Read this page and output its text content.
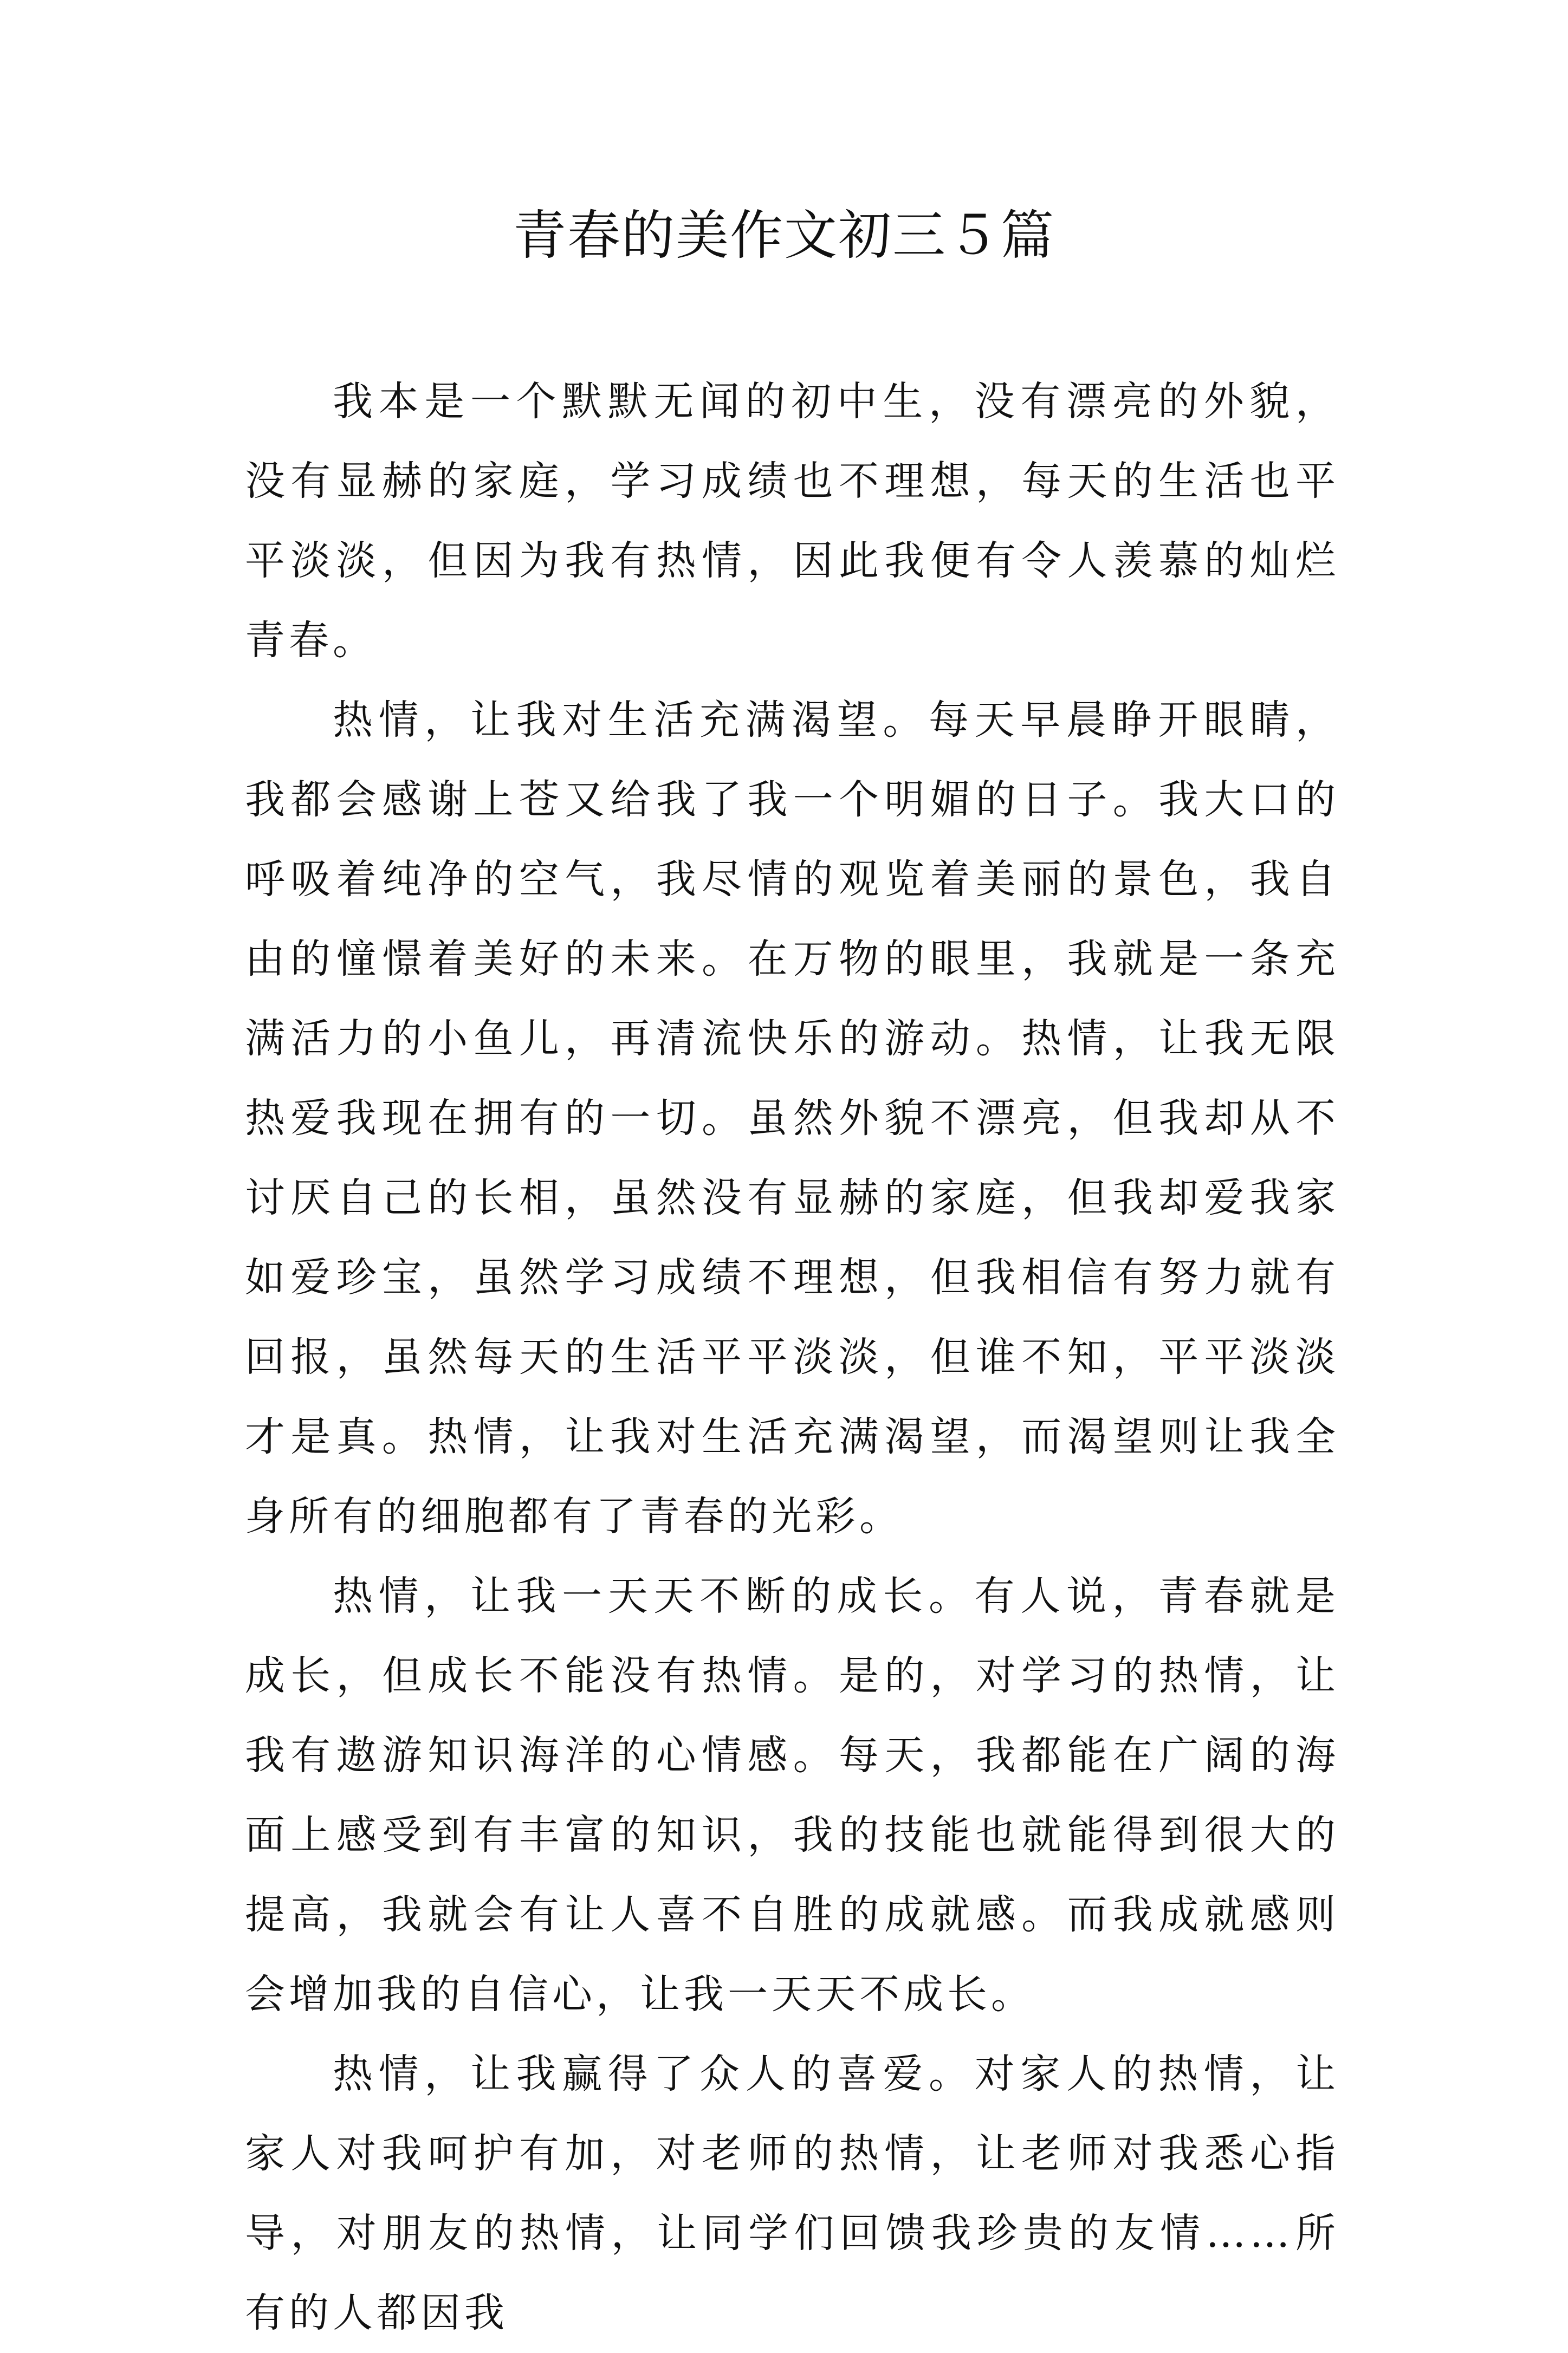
青春的美作文初三５篇

我本是一个默默无闻的初中生，没有漂亮的外貌，没有显赫的家庭，学习成绩也不理想，每天的生活也平平淡淡，但因为我有热情，因此我便有令人羡慕的灿烂青春。

热情，让我对生活充满渴望。每天早晨睁开眼睛，我都会感谢上苍又给我了我一个明媚的日子。我大口的呼吸着纯净的空气，我尽情的观览着美丽的景色，我自由的憧憬着美好的未来。在万物的眼里，我就是一条充满活力的小鱼儿，再清流快乐的游动。热情，让我无限热爱我现在拥有的一切。虽然外貌不漂亮，但我却从不讨厌自己的长相，虽然没有显赫的家庭，但我却爱我家如爱珍宝，虽然学习成绩不理想，但我相信有努力就有回报，虽然每天的生活平平淡淡，但谁不知，平平淡淡才是真。热情，让我对生活充满渴望，而渴望则让我全身所有的细胞都有了青春的光彩。

热情，让我一天天不断的成长。有人说，青春就是成长，但成长不能没有热情。是的，对学习的热情，让我有遨游知识海洋的心情感。每天，我都能在广阔的海面上感受到有丰富的知识，我的技能也就能得到很大的提高，我就会有让人喜不自胜的成就感。而我成就感则会增加我的自信心，让我一天天不成长。

热情，让我赢得了众人的喜爱。对家人的热情，让家人对我呵护有加，对老师的热情，让老师对我悉心指导，对朋友的热情，让同学们回馈我珍贵的友情……所有的人都因我
